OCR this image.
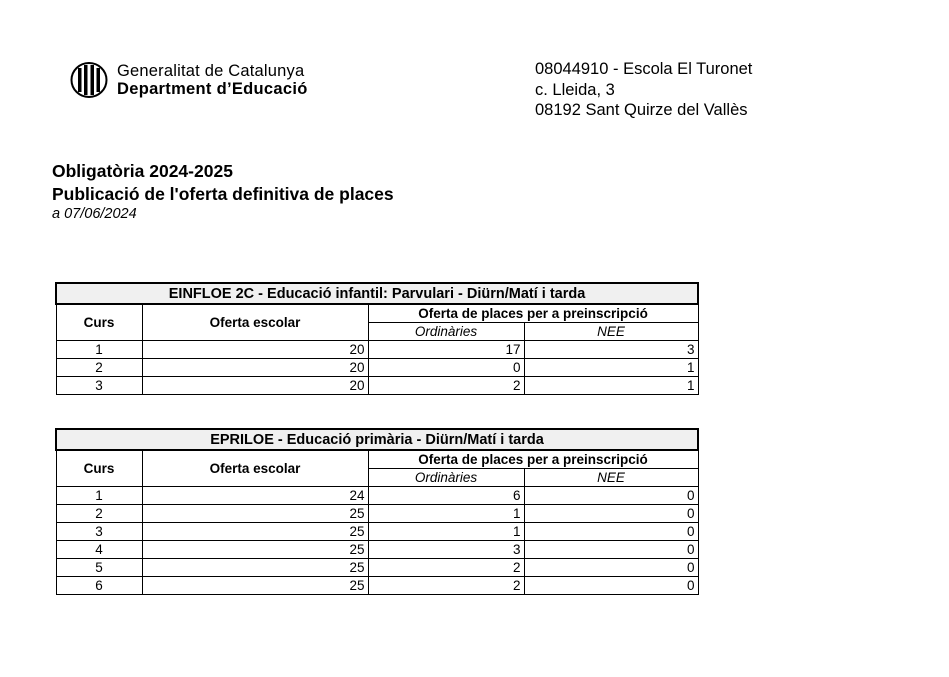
Generalitat de Catalunya
Department d’Educació
08044910 - Escola El Turonet
c. Lleida, 3
08192 Sant Quirze del Vallès
Obligatòria 2024-2025
Publicació de l'oferta definitiva de places
a 07/06/2024
EINFLOE 2C - Educació infantil: Parvulari - Diürn/Matí i tarda			
Curs	Oferta escolar	Oferta de places per a preinscripció	
		Ordinàries	NEE
1	20	17	3
2	20	0	1
3	20	2	1
EPRILOE - Educació primària - Diürn/Matí i tarda			
Curs	Oferta escolar	Oferta de places per a preinscripció	
		Ordinàries	NEE
1	24	6	0
2	25	1	0
3	25	1	0
4	25	3	0
5	25	2	0
6	25	2	0
